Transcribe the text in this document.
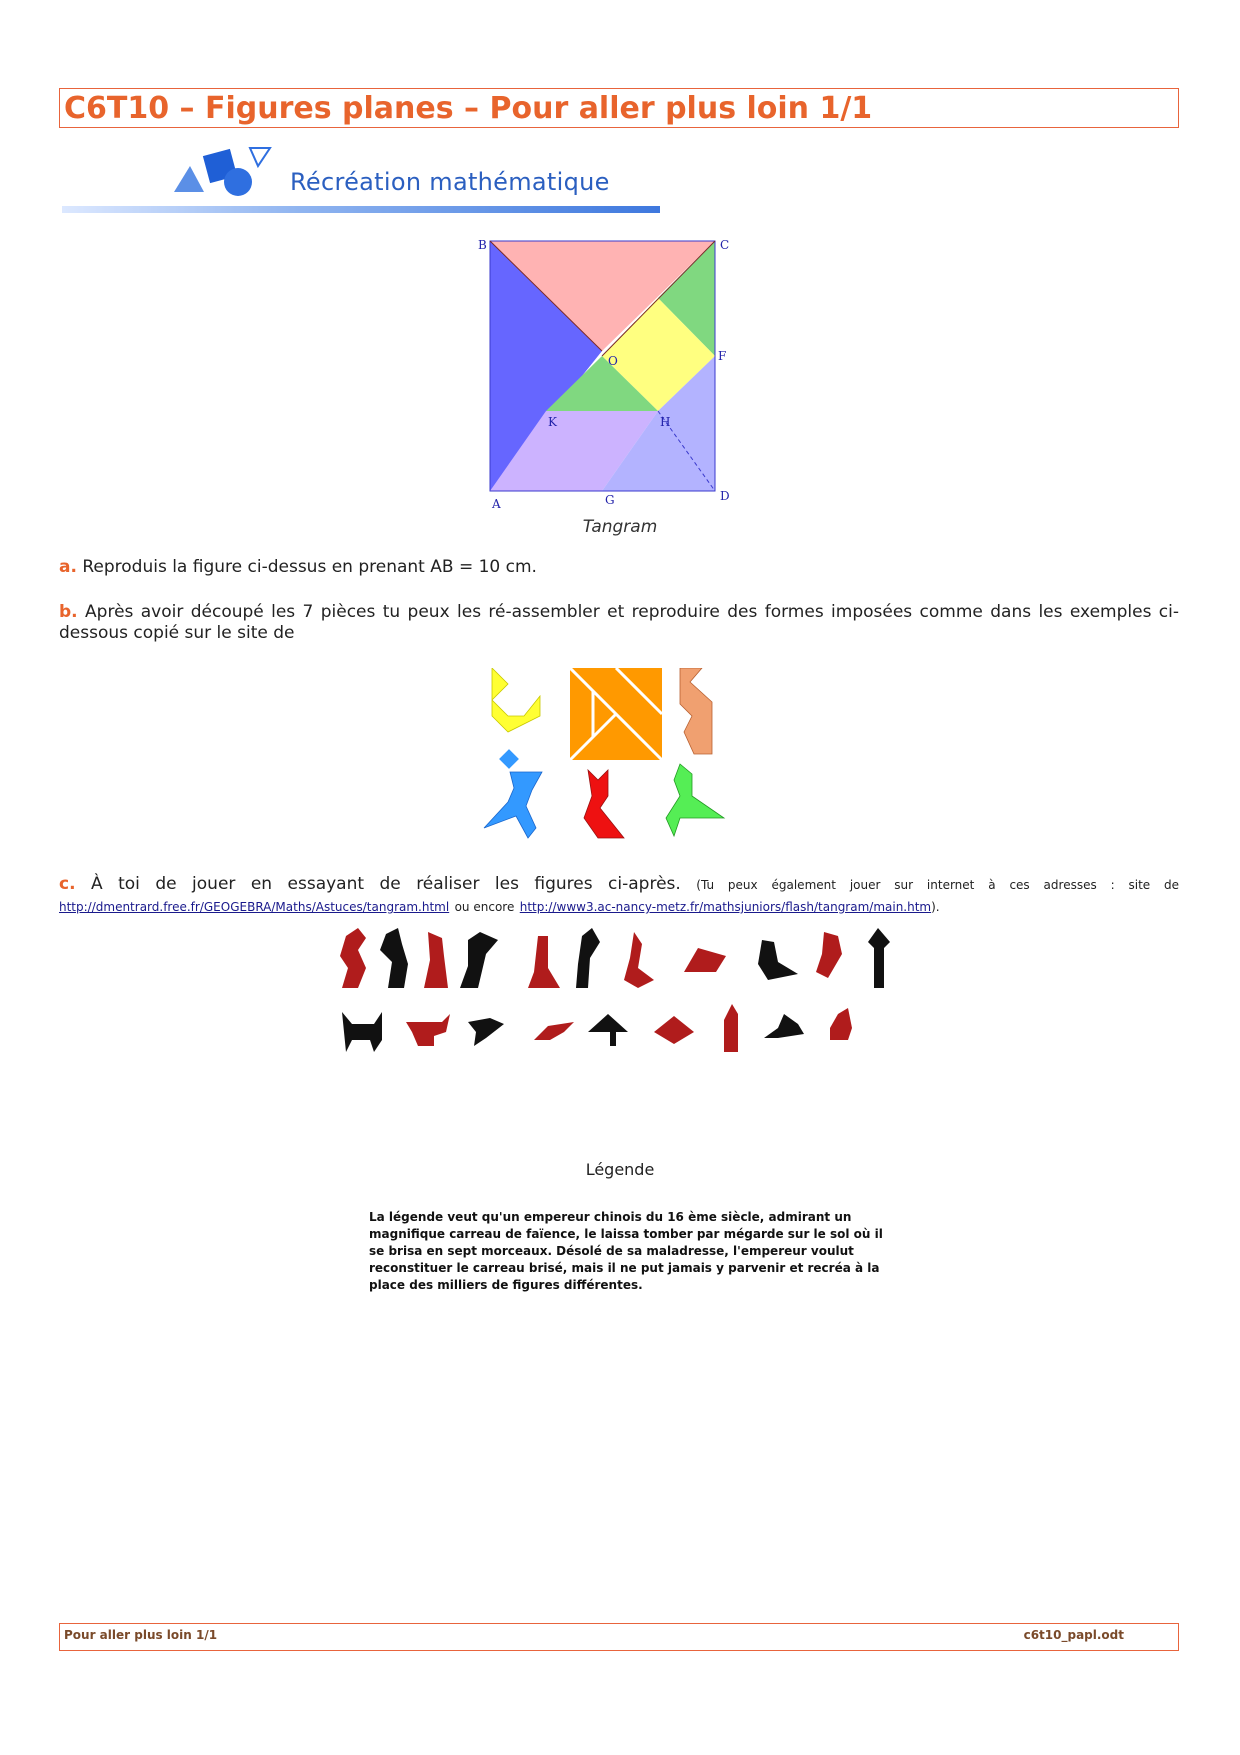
C6T10 – Figures planes – Pour aller plus loin 1/1
Récréation mathématique
B	C
O	F
K	H
A	G	D
Tangram
a. Reproduis la figure ci-dessus en prenant AB = 10 cm.
b. Après avoir découpé les 7 pièces tu peux les ré-assembler et reproduire des formes imposées comme dans les exemples ci-dessous copié sur le site de
c. À toi de jouer en essayant de réaliser les figures ci-après. (Tu peux également jouer sur internet à ces adresses : site de http://dmentrard.free.fr/GEOGEBRA/Maths/Astuces/tangram.html ou encore http://www3.ac-nancy-metz.fr/mathsjuniors/flash/tangram/main.htm).
Légende
La légende veut qu'un empereur chinois du 16 ème siècle, admirant un magnifique carreau de faïence, le laissa tomber par mégarde sur le sol où il se brisa en sept morceaux. Désolé de sa maladresse, l'empereur voulut reconstituer le carreau brisé, mais il ne put jamais y parvenir et recréa à la place des milliers de figures différentes.
Pour aller plus loin 1/1	c6t10_papl.odt
